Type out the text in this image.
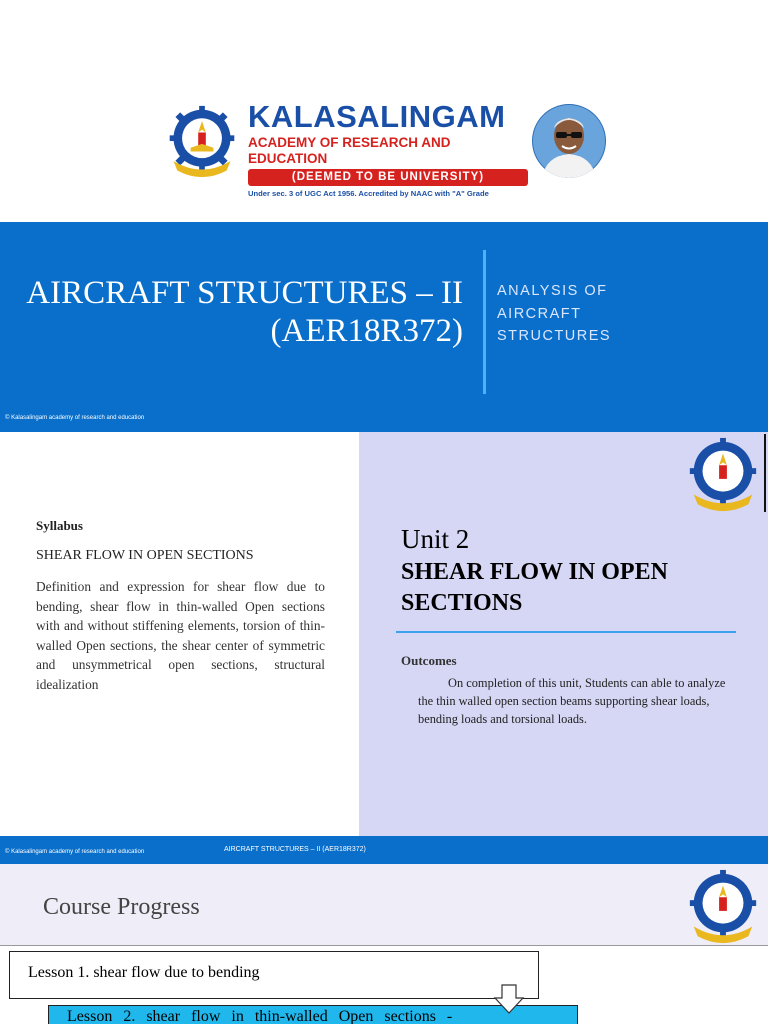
KALASALINGAM
ACADEMY OF RESEARCH AND EDUCATION
(DEEMED TO BE UNIVERSITY)
Under sec. 3 of UGC Act 1956. Accredited by NAAC with "A" Grade
AIRCRAFT STRUCTURES – II (AER18R372)
ANALYSIS OF AIRCRAFT STRUCTURES
© Kalasalingam academy of research and education
Syllabus
SHEAR FLOW IN OPEN SECTIONS
Definition and expression for shear flow due to bending, shear flow in thin-walled Open sections with and without stiffening elements, torsion of thin-walled Open sections, the shear center of symmetric and unsymmetrical open sections, structural idealization
Unit 2
SHEAR FLOW IN OPEN SECTIONS
Outcomes
On completion of this unit, Students can able to analyze the thin walled open section beams supporting shear loads, bending loads and torsional loads.
© Kalasalingam academy of research and education	AIRCRAFT STRUCTURES – II (AER18R372)
Course Progress
Lesson 1. shear flow due to bending
Lesson 2. shear flow in thin-walled Open sections -
